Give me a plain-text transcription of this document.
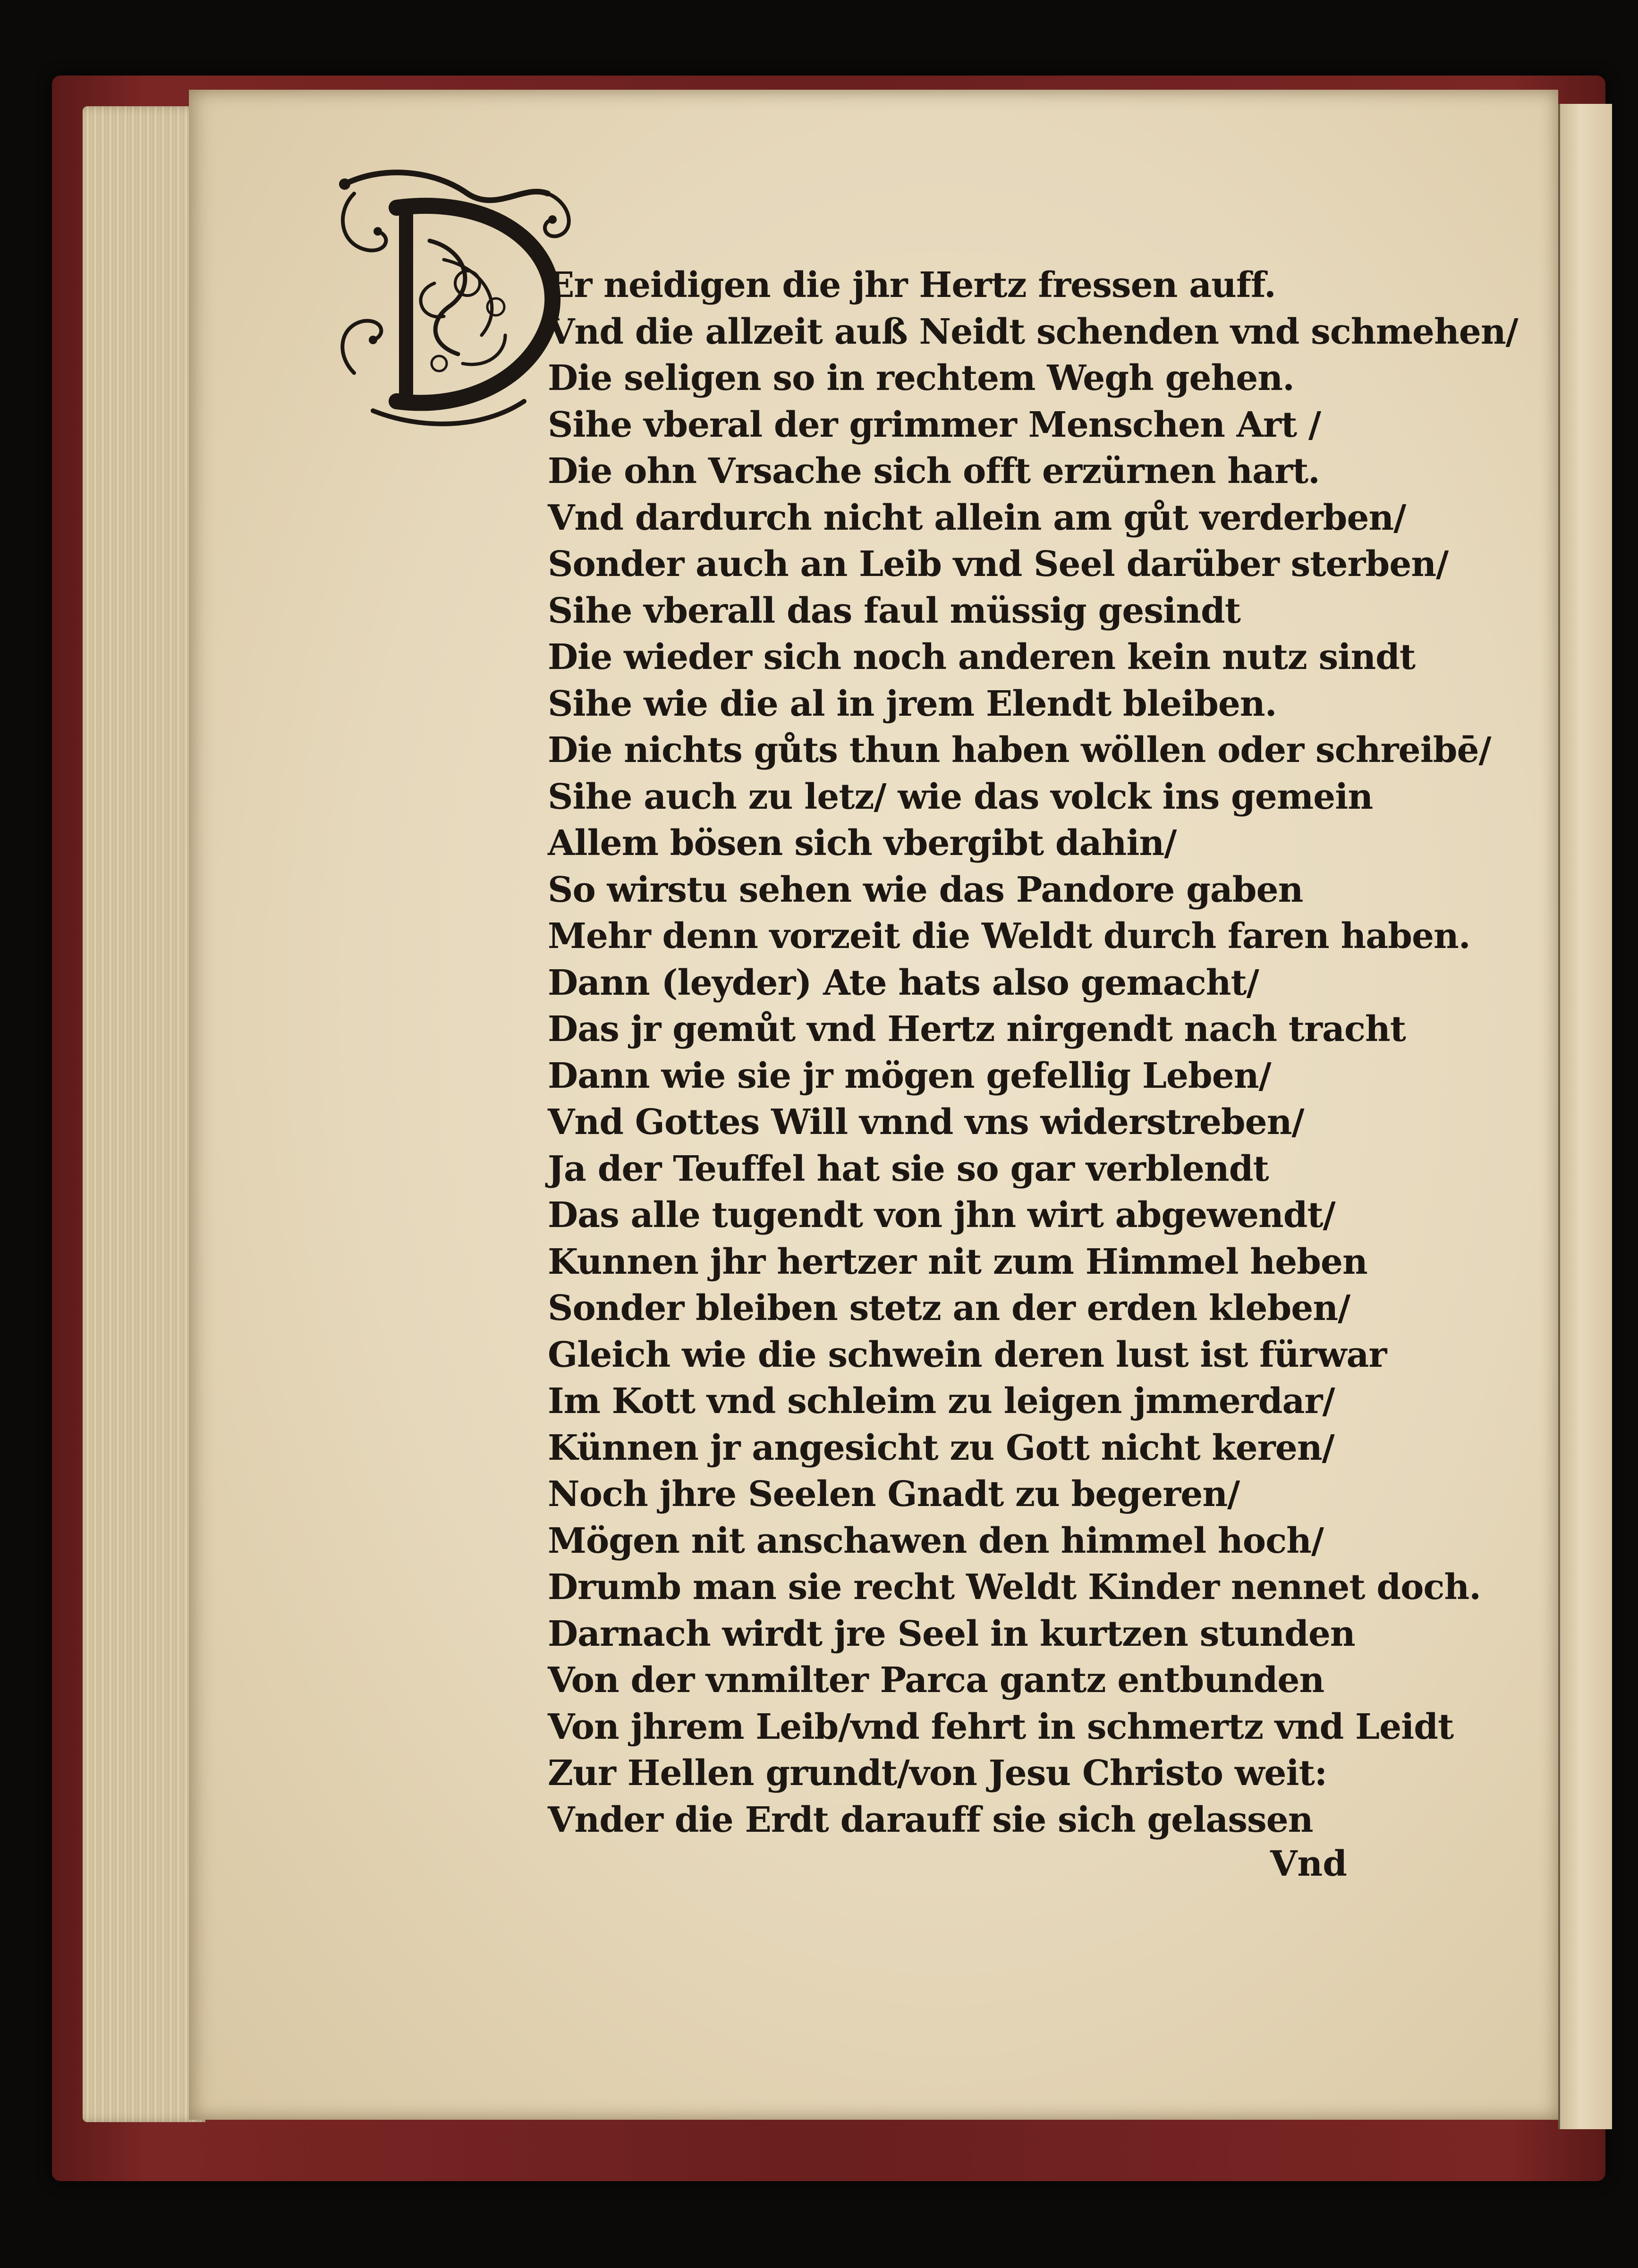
Er neidigen die jhr Hertz fressen auff.
Vnd die allzeit auß Neidt schenden vnd schmehen/
Die seligen so in rechtem Wegh gehen.
Sihe vberal der grimmer Menschen Art /
Die ohn Vrsache sich offt erzürnen hart.
Vnd dardurch nicht allein am gůt verderben/
Sonder auch an Leib vnd Seel darüber sterben/
Sihe vberall das faul müssig gesindt
Die wieder sich noch anderen kein nutz sindt
Sihe wie die al in jrem Elendt bleiben.
Die nichts gůts thun haben wöllen oder schreibē/
Sihe auch zu letz/ wie das volck ins gemein
Allem bösen sich vbergibt dahin/
So wirstu sehen wie das Pandore gaben
Mehr denn vorzeit die Weldt durch faren haben.
Dann (leyder) Ate hats also gemacht/
Das jr gemůt vnd Hertz nirgendt nach tracht
Dann wie sie jr mögen gefellig Leben/
Vnd Gottes Will vnnd vns widerstreben/
Ja der Teuffel hat sie so gar verblendt
Das alle tugendt von jhn wirt abgewendt/
Kunnen jhr hertzer nit zum Himmel heben
Sonder bleiben stetz an der erden kleben/
Gleich wie die schwein deren lust ist fürwar
Im Kott vnd schleim zu leigen jmmerdar/
Künnen jr angesicht zu Gott nicht keren/
Noch jhre Seelen Gnadt zu begeren/
Mögen nit anschawen den himmel hoch/
Drumb man sie recht Weldt Kinder nennet doch.
Darnach wirdt jre Seel in kurtzen stunden
Von der vnmilter Parca gantz entbunden
Von jhrem Leib/vnd fehrt in schmertz vnd Leidt
Zur Hellen grundt/von Jesu Christo weit:
Vnder die Erdt darauff sie sich gelassen
Vnd
